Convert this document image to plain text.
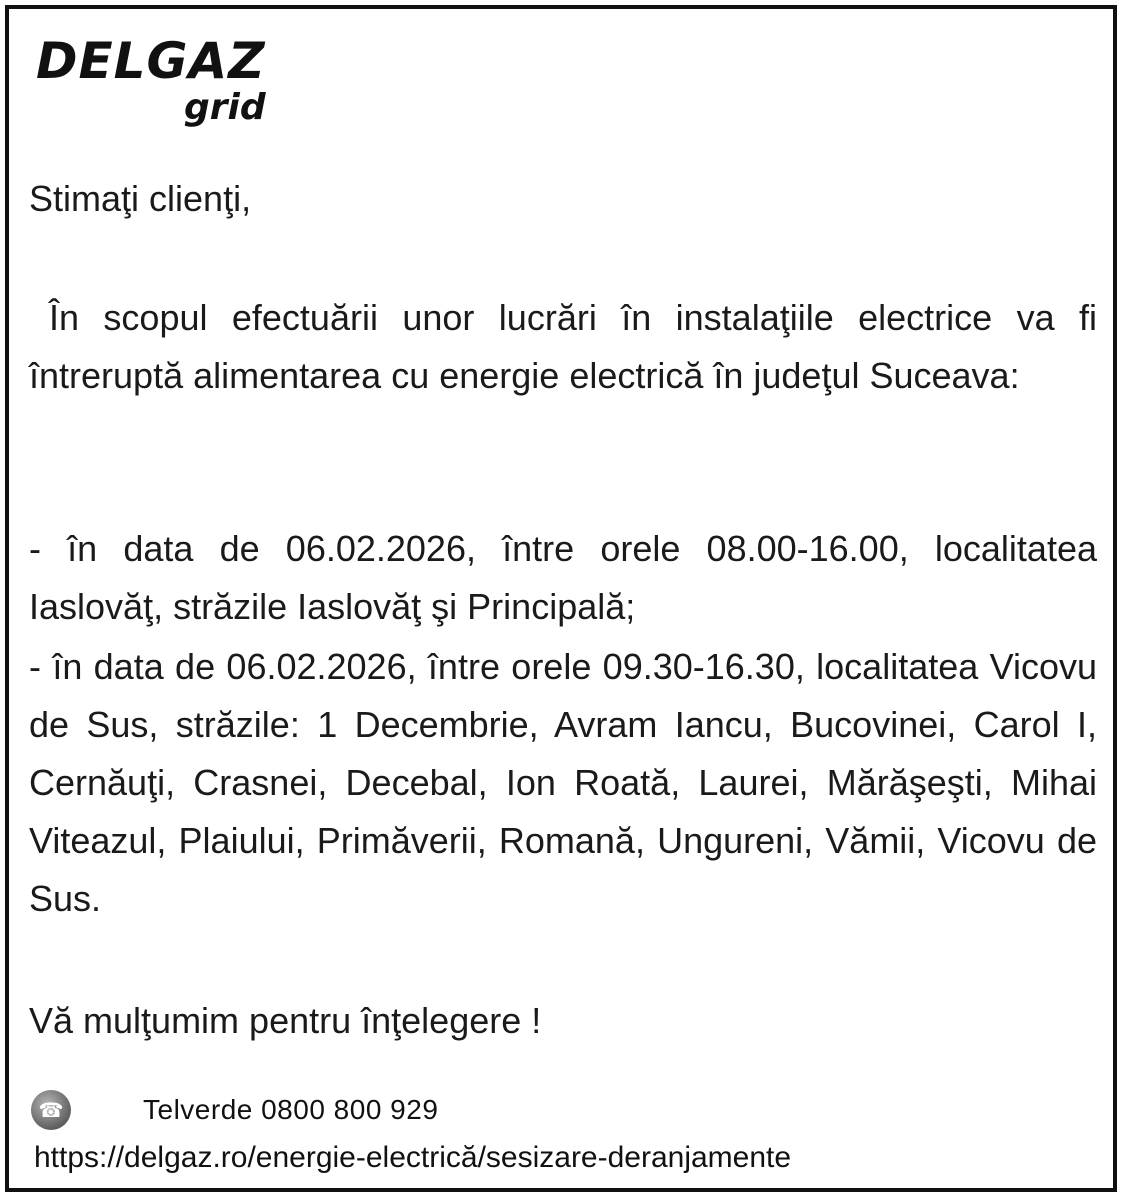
DELGAZ
grid
Stimaţi clienţi,
În scopul efectuării unor lucrări în instalaţiile electrice va fi întreruptă alimentarea cu energie electrică în judeţul Suceava:
- în data de 06.02.2026, între orele 08.00-16.00, localitatea Iaslovăţ, străzile Iaslovăţ şi Principală;
- în data de 06.02.2026, între orele 09.30-16.30, localitatea Vicovu de Sus, străzile: 1 Decembrie, Avram Iancu, Bucovinei, Carol I, Cernăuţi, Crasnei, Decebal, Ion Roată, Laurei, Mărăşeşti, Mihai Viteazul, Plaiului, Primăverii, Romană, Ungureni, Vămii, Vicovu de Sus.
Vă mulţumim pentru înţelegere !
☎	Telverde 0800 800 929
https://delgaz.ro/energie-electrică/sesizare-deranjamente
